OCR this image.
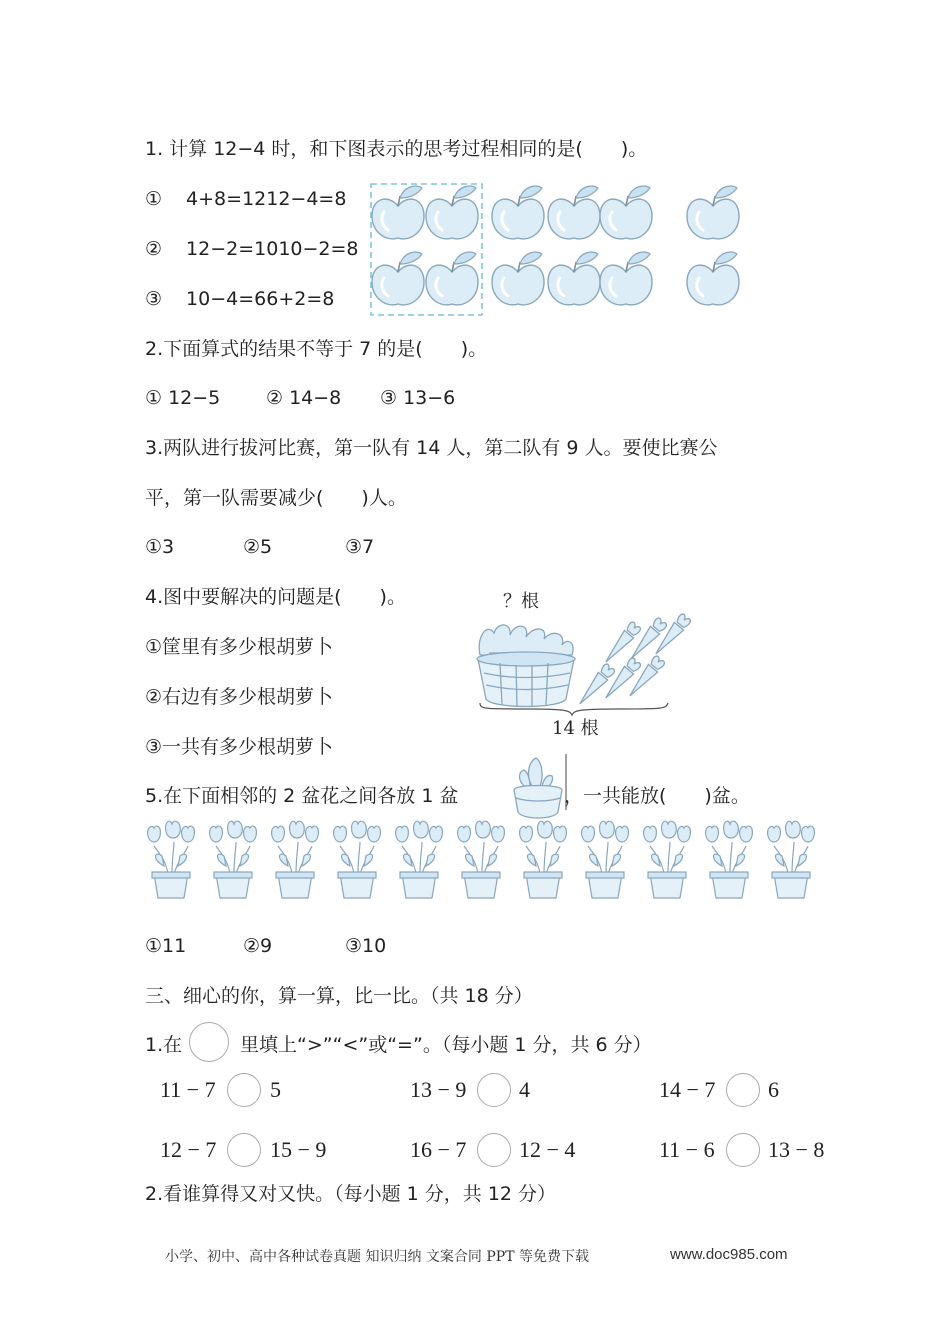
1. 计算 12−4 时，和下图表示的思考过程相同的是(　　)。
① 4+8=1212−4=8
② 12−2=1010−2=8
③ 10−4=66+2=8
2.下面算式的结果不等于 7 的是(　　)。
① 12−5 ② 14−8 ③ 13−6
3.两队进行拔河比赛，第一队有 14 人，第二队有 9 人。要使比赛公
平，第一队需要减少(　　)人。
①3	②5	③7
4.图中要解决的问题是(　　)。
①筐里有多少根胡萝卜
②右边有多少根胡萝卜
③一共有多少根胡萝卜
？根
14 根
5.在下面相邻的 2 盆花之间各放 1 盆	，一共能放(　　)盆。
①11	②9	③10
三、细心的你，算一算，比一比。（共 18 分）
1.在	里填上“>”“<”或“=”。（每小题 1 分，共 6 分）
11 − 7 5	13 − 9 4	14 − 7 6
12 − 7 15 − 9	16 − 7 12 − 4	11 − 6 13 − 8
2.看谁算得又对又快。（每小题 1 分，共 12 分）
小学、初中、高中各种试卷真题 知识归纳 文案合同 PPT 等免费下载	www.doc985.com
